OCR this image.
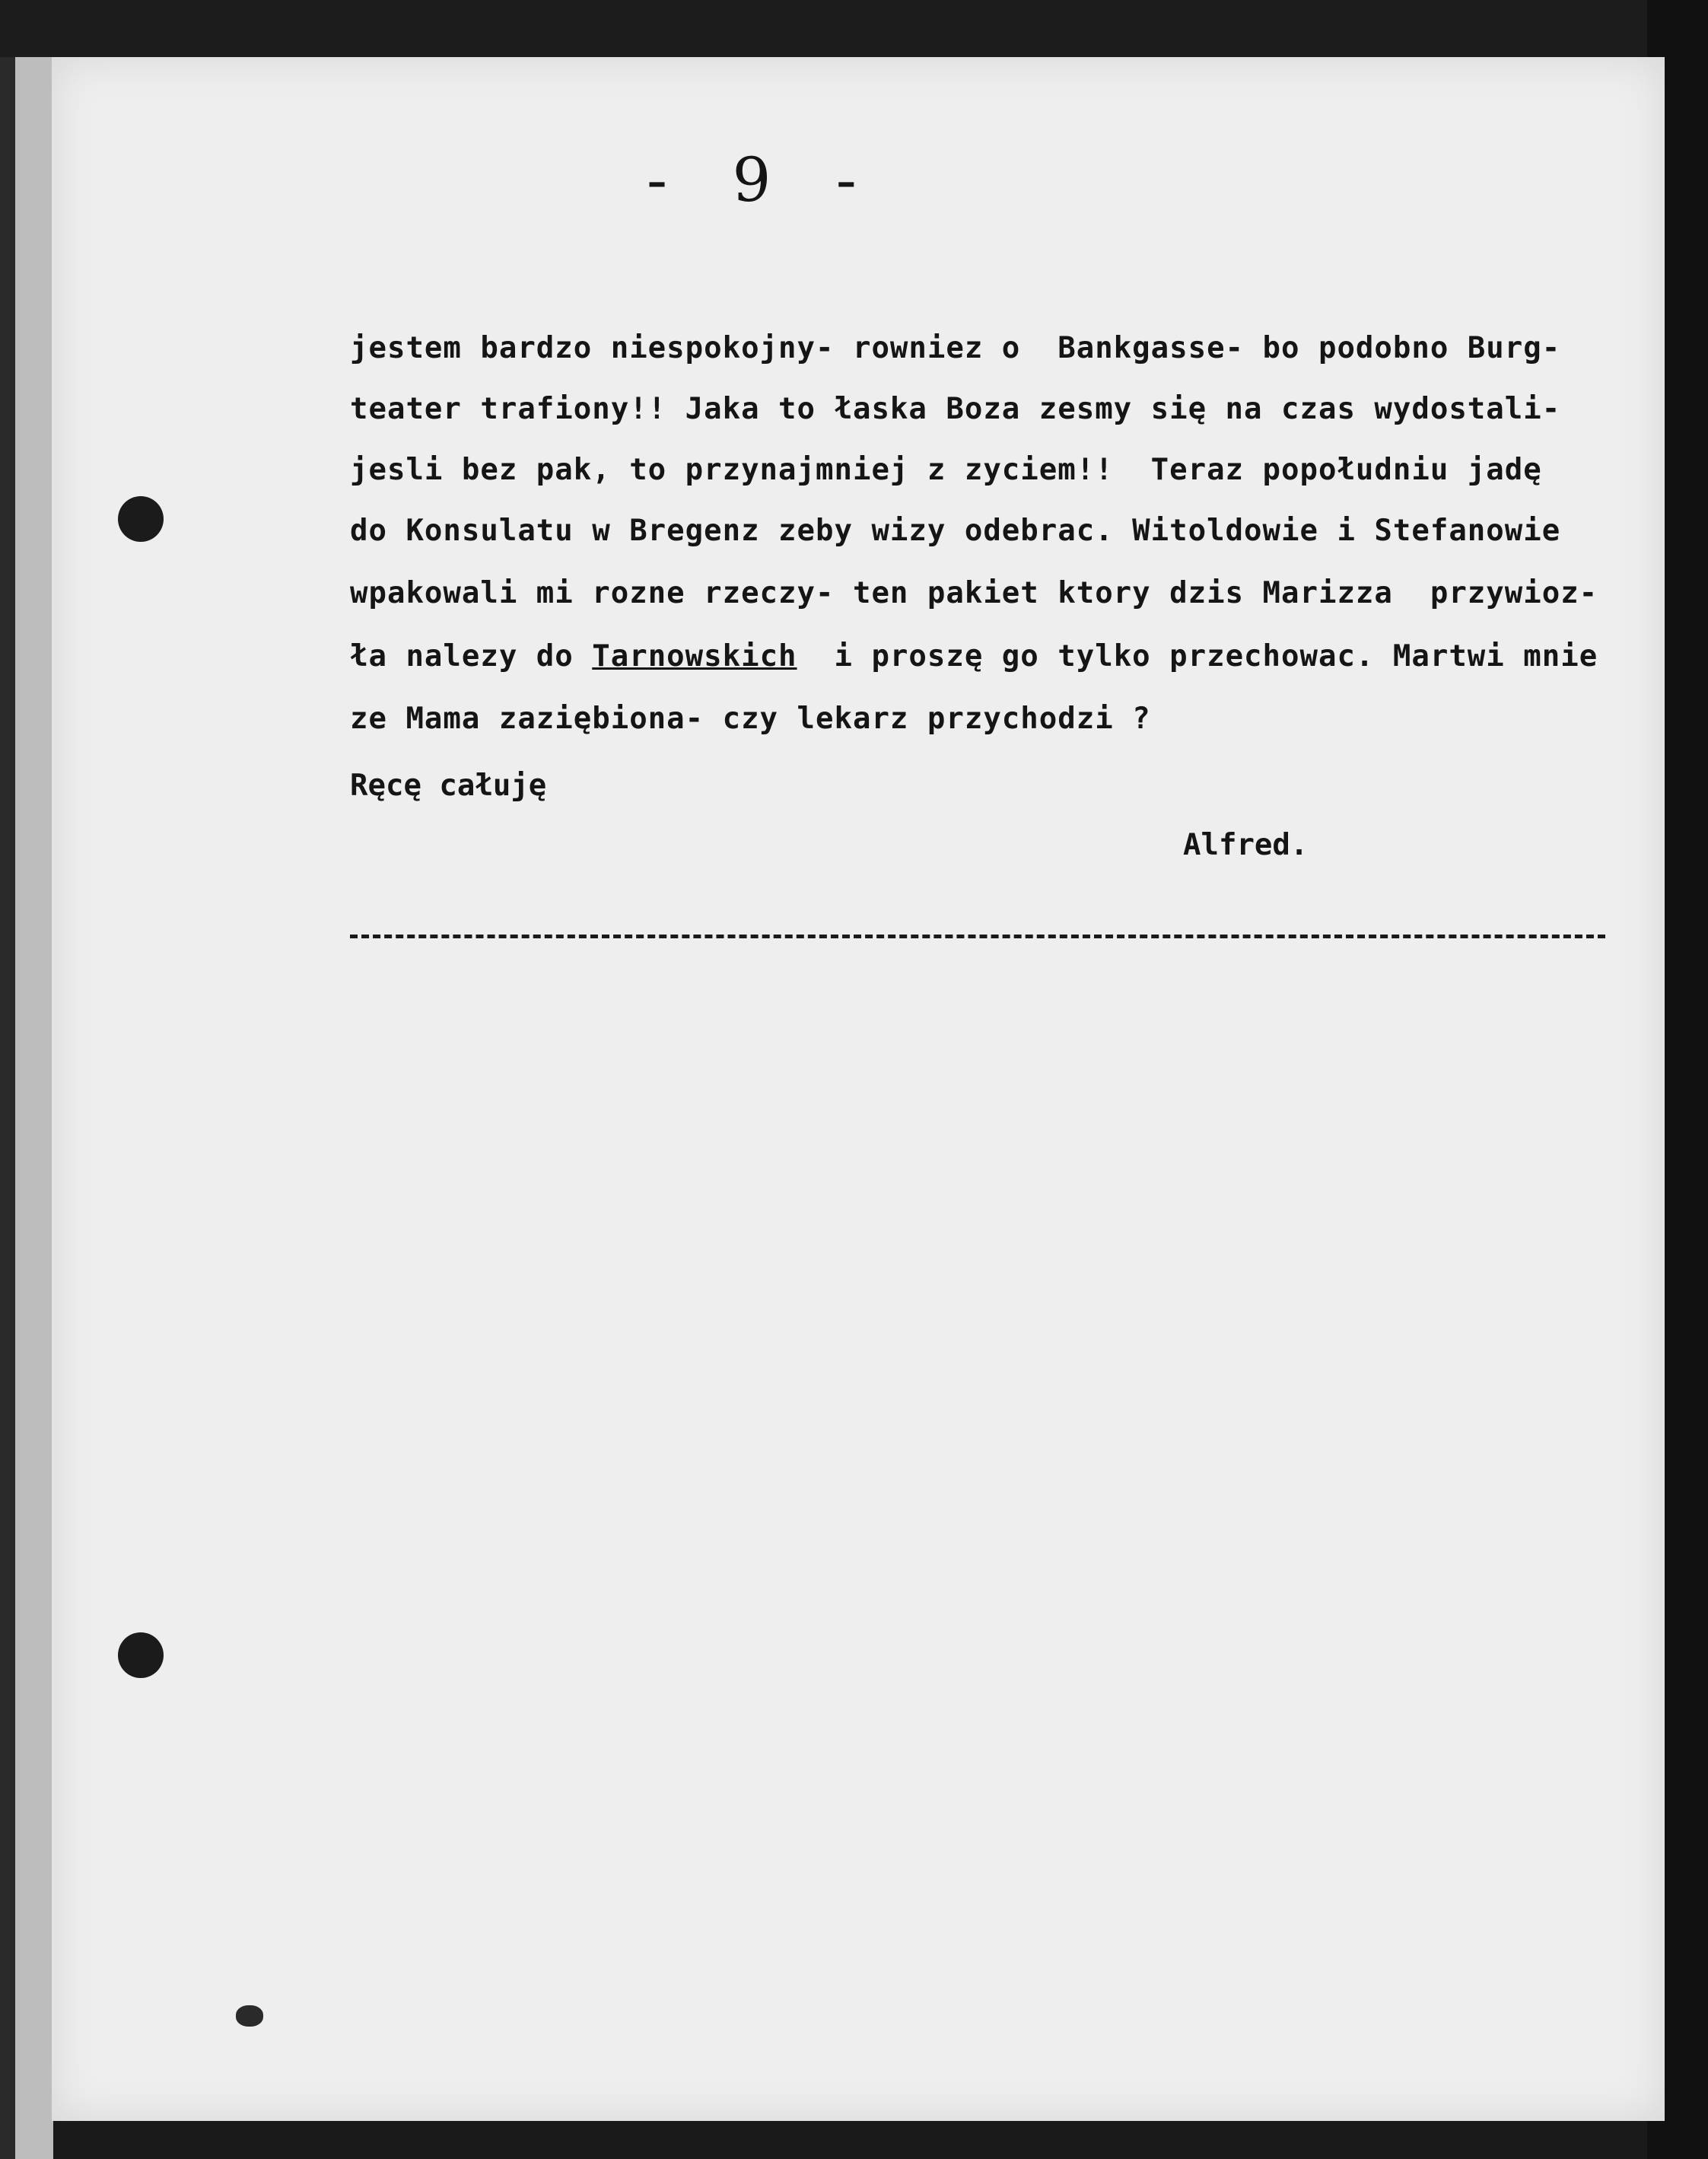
- 9 -
jestem bardzo niespokojny- rowniez o  Bankgasse- bo podobno Burg-
teater trafiony!! Jaka to łaska Boza zesmy się na czas wydostali-
jesli bez pak, to przynajmniej z zyciem!!  Teraz popołudniu jadę
do Konsulatu w Bregenz zeby wizy odebrac. Witoldowie i Stefanowie
wpakowali mi rozne rzeczy- ten pakiet ktory dzis Marizza  przywioz-
ła nalezy do Tarnowskich  i proszę go tylko przechowac. Martwi mnie
ze Mama zaziębiona- czy lekarz przychodzi ?
Ręcę całuję
Alfred.
